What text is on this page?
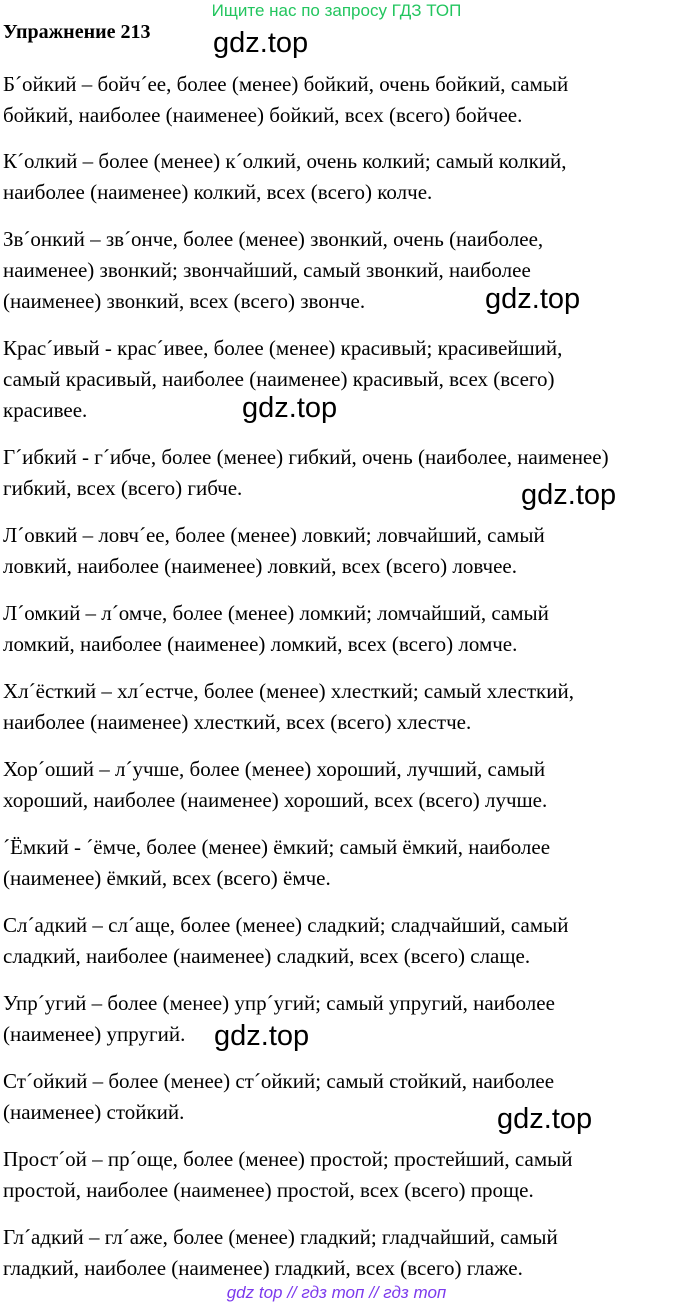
Ищите нас по запросу ГДЗ ТОП
Упражнение 213

Б´ойкий – бойч´ее, более (менее) бойкий, очень бойкий, самый
бойкий, наиболее (наименее) бойкий, всех (всего) бойчее.

К´олкий – более (менее) к´олкий, очень колкий; самый колкий,
наиболее (наименее) колкий, всех (всего) колче.

Зв´онкий – зв´онче, более (менее) звонкий, очень (наиболее,
наименее) звонкий; звончайший, самый звонкий, наиболее
(наименее) звонкий, всех (всего) звонче.

Крас´ивый - крас´ивее, более (менее) красивый; красивейший,
самый красивый, наиболее (наименее) красивый, всех (всего)
красивее.

Г´ибкий - г´ибче, более (менее) гибкий, очень (наиболее, наименее)
гибкий, всех (всего) гибче.

Л´овкий – ловч´ее, более (менее) ловкий; ловчайший, самый
ловкий, наиболее (наименее) ловкий, всех (всего) ловчее.

Л´омкий – л´омче, более (менее) ломкий; ломчайший, самый
ломкий, наиболее (наименее) ломкий, всех (всего) ломче.

Хл´ёсткий – хл´естче, более (менее) хлесткий; самый хлесткий,
наиболее (наименее) хлесткий, всех (всего) хлестче.

Хор´оший – л´учше, более (менее) хороший, лучший, самый
хороший, наиболее (наименее) хороший, всех (всего) лучше.

´Ёмкий - ´ёмче, более (менее) ёмкий; самый ёмкий, наиболее
(наименее) ёмкий, всех (всего) ёмче.

Сл´адкий – сл´аще, более (менее) сладкий; сладчайший, самый
сладкий, наиболее (наименее) сладкий, всех (всего) слаще.

Упр´угий – более (менее) упр´угий; самый упругий, наиболее
(наименее) упругий.

Ст´ойкий – более (менее) ст´ойкий; самый стойкий, наиболее
(наименее) стойкий.

Прост´ой – пр´още, более (менее) простой; простейший, самый
простой, наиболее (наименее) простой, всех (всего) проще.

Гл´адкий – гл´аже, более (менее) гладкий; гладчайший, самый
гладкий, наиболее (наименее) гладкий, всех (всего) глаже.

gdz.top
gdz.top
gdz.top
gdz.top
gdz.top
gdz.top
gdz top // гдз топ // гдз топ
